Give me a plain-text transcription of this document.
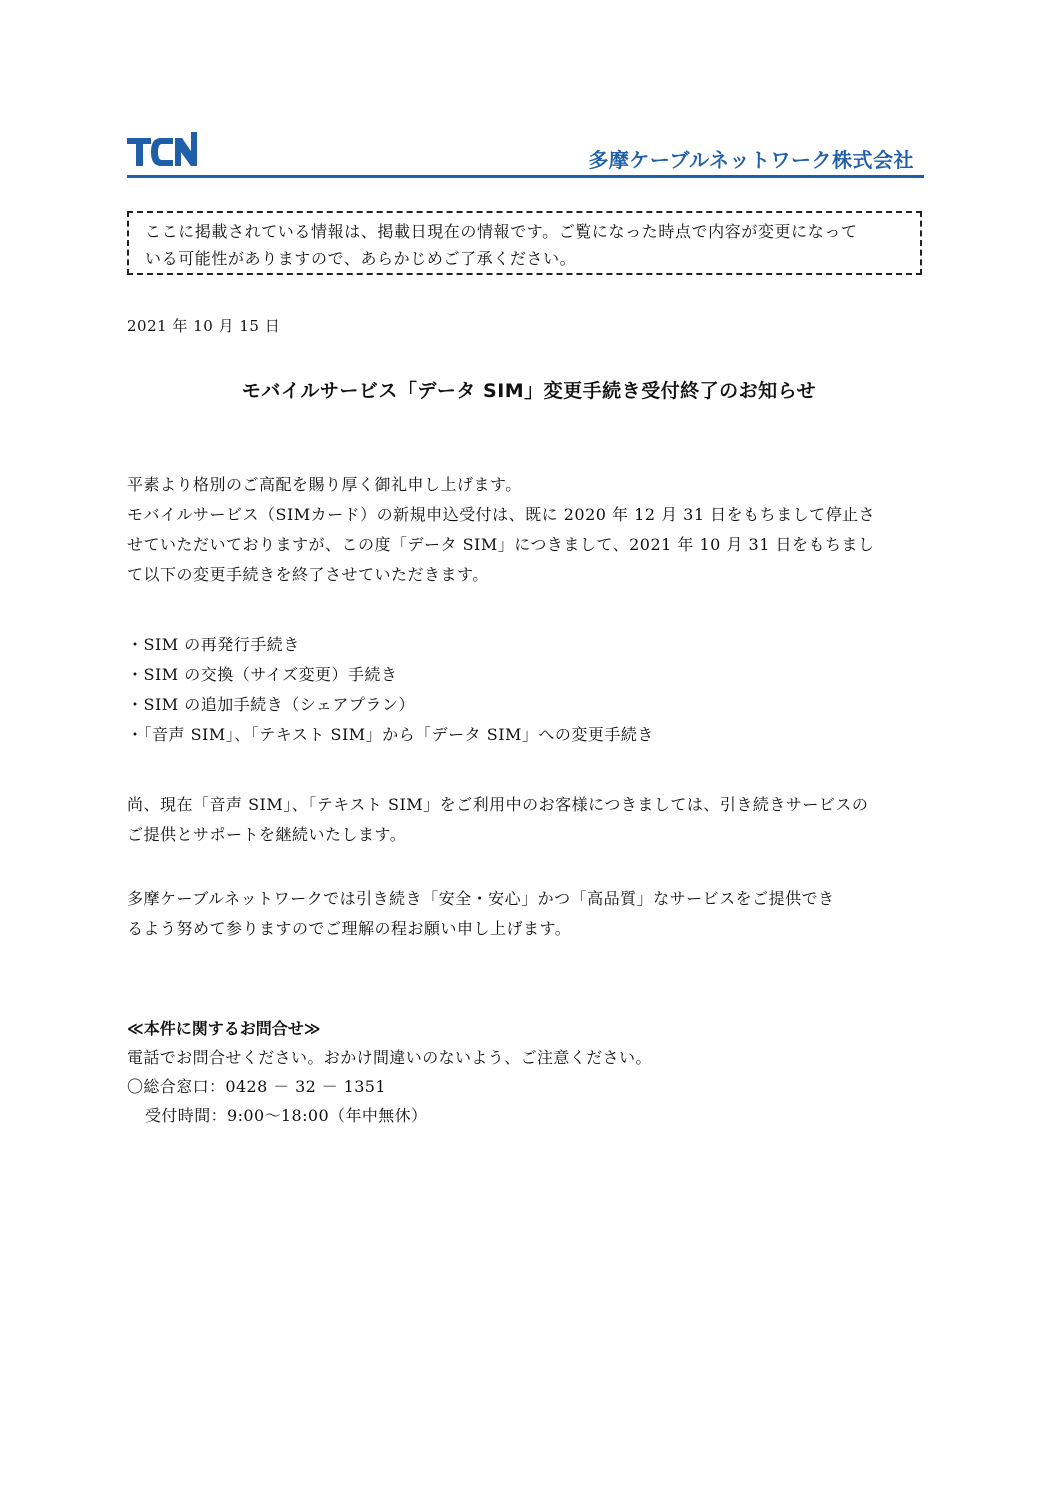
多摩ケーブルネットワーク株式会社
ここに掲載されている情報は、掲載日現在の情報です。ご覧になった時点で内容が変更になって
いる可能性がありますので、あらかじめご了承ください。
2021 年 10 月 15 日
モバイルサービス「データ SIM」変更手続き受付終了のお知らせ

平素より格別のご高配を賜り厚く御礼申し上げます。

モバイルサービス（SIMカード）の新規申込受付は、既に 2020 年 12 月 31 日をもちまして停止さ

せていただいておりますが、この度「データ SIM」につきまして、2021 年 10 月 31 日をもちまし

て以下の変更手続きを終了させていただきます。

・SIM の再発行手続き
・SIM の交換（サイズ変更）手続き
・SIM の追加手続き（シェアプラン）
・「音声 SIM」、「テキスト SIM」から「データ SIM」への変更手続き

尚、現在「音声 SIM」、「テキスト SIM」をご利用中のお客様につきましては、引き続きサービスの

ご提供とサポートを継続いたします。

多摩ケーブルネットワークでは引き続き「安全・安心」かつ「高品質」なサービスをご提供でき

るよう努めて参りますのでご理解の程お願い申し上げます。

≪本件に関するお問合せ≫
電話でお問合せください。おかけ間違いのないよう、ご注意ください。
〇総合窓口：0428 － 32 － 1351
受付時間：9:00～18:00（年中無休）
